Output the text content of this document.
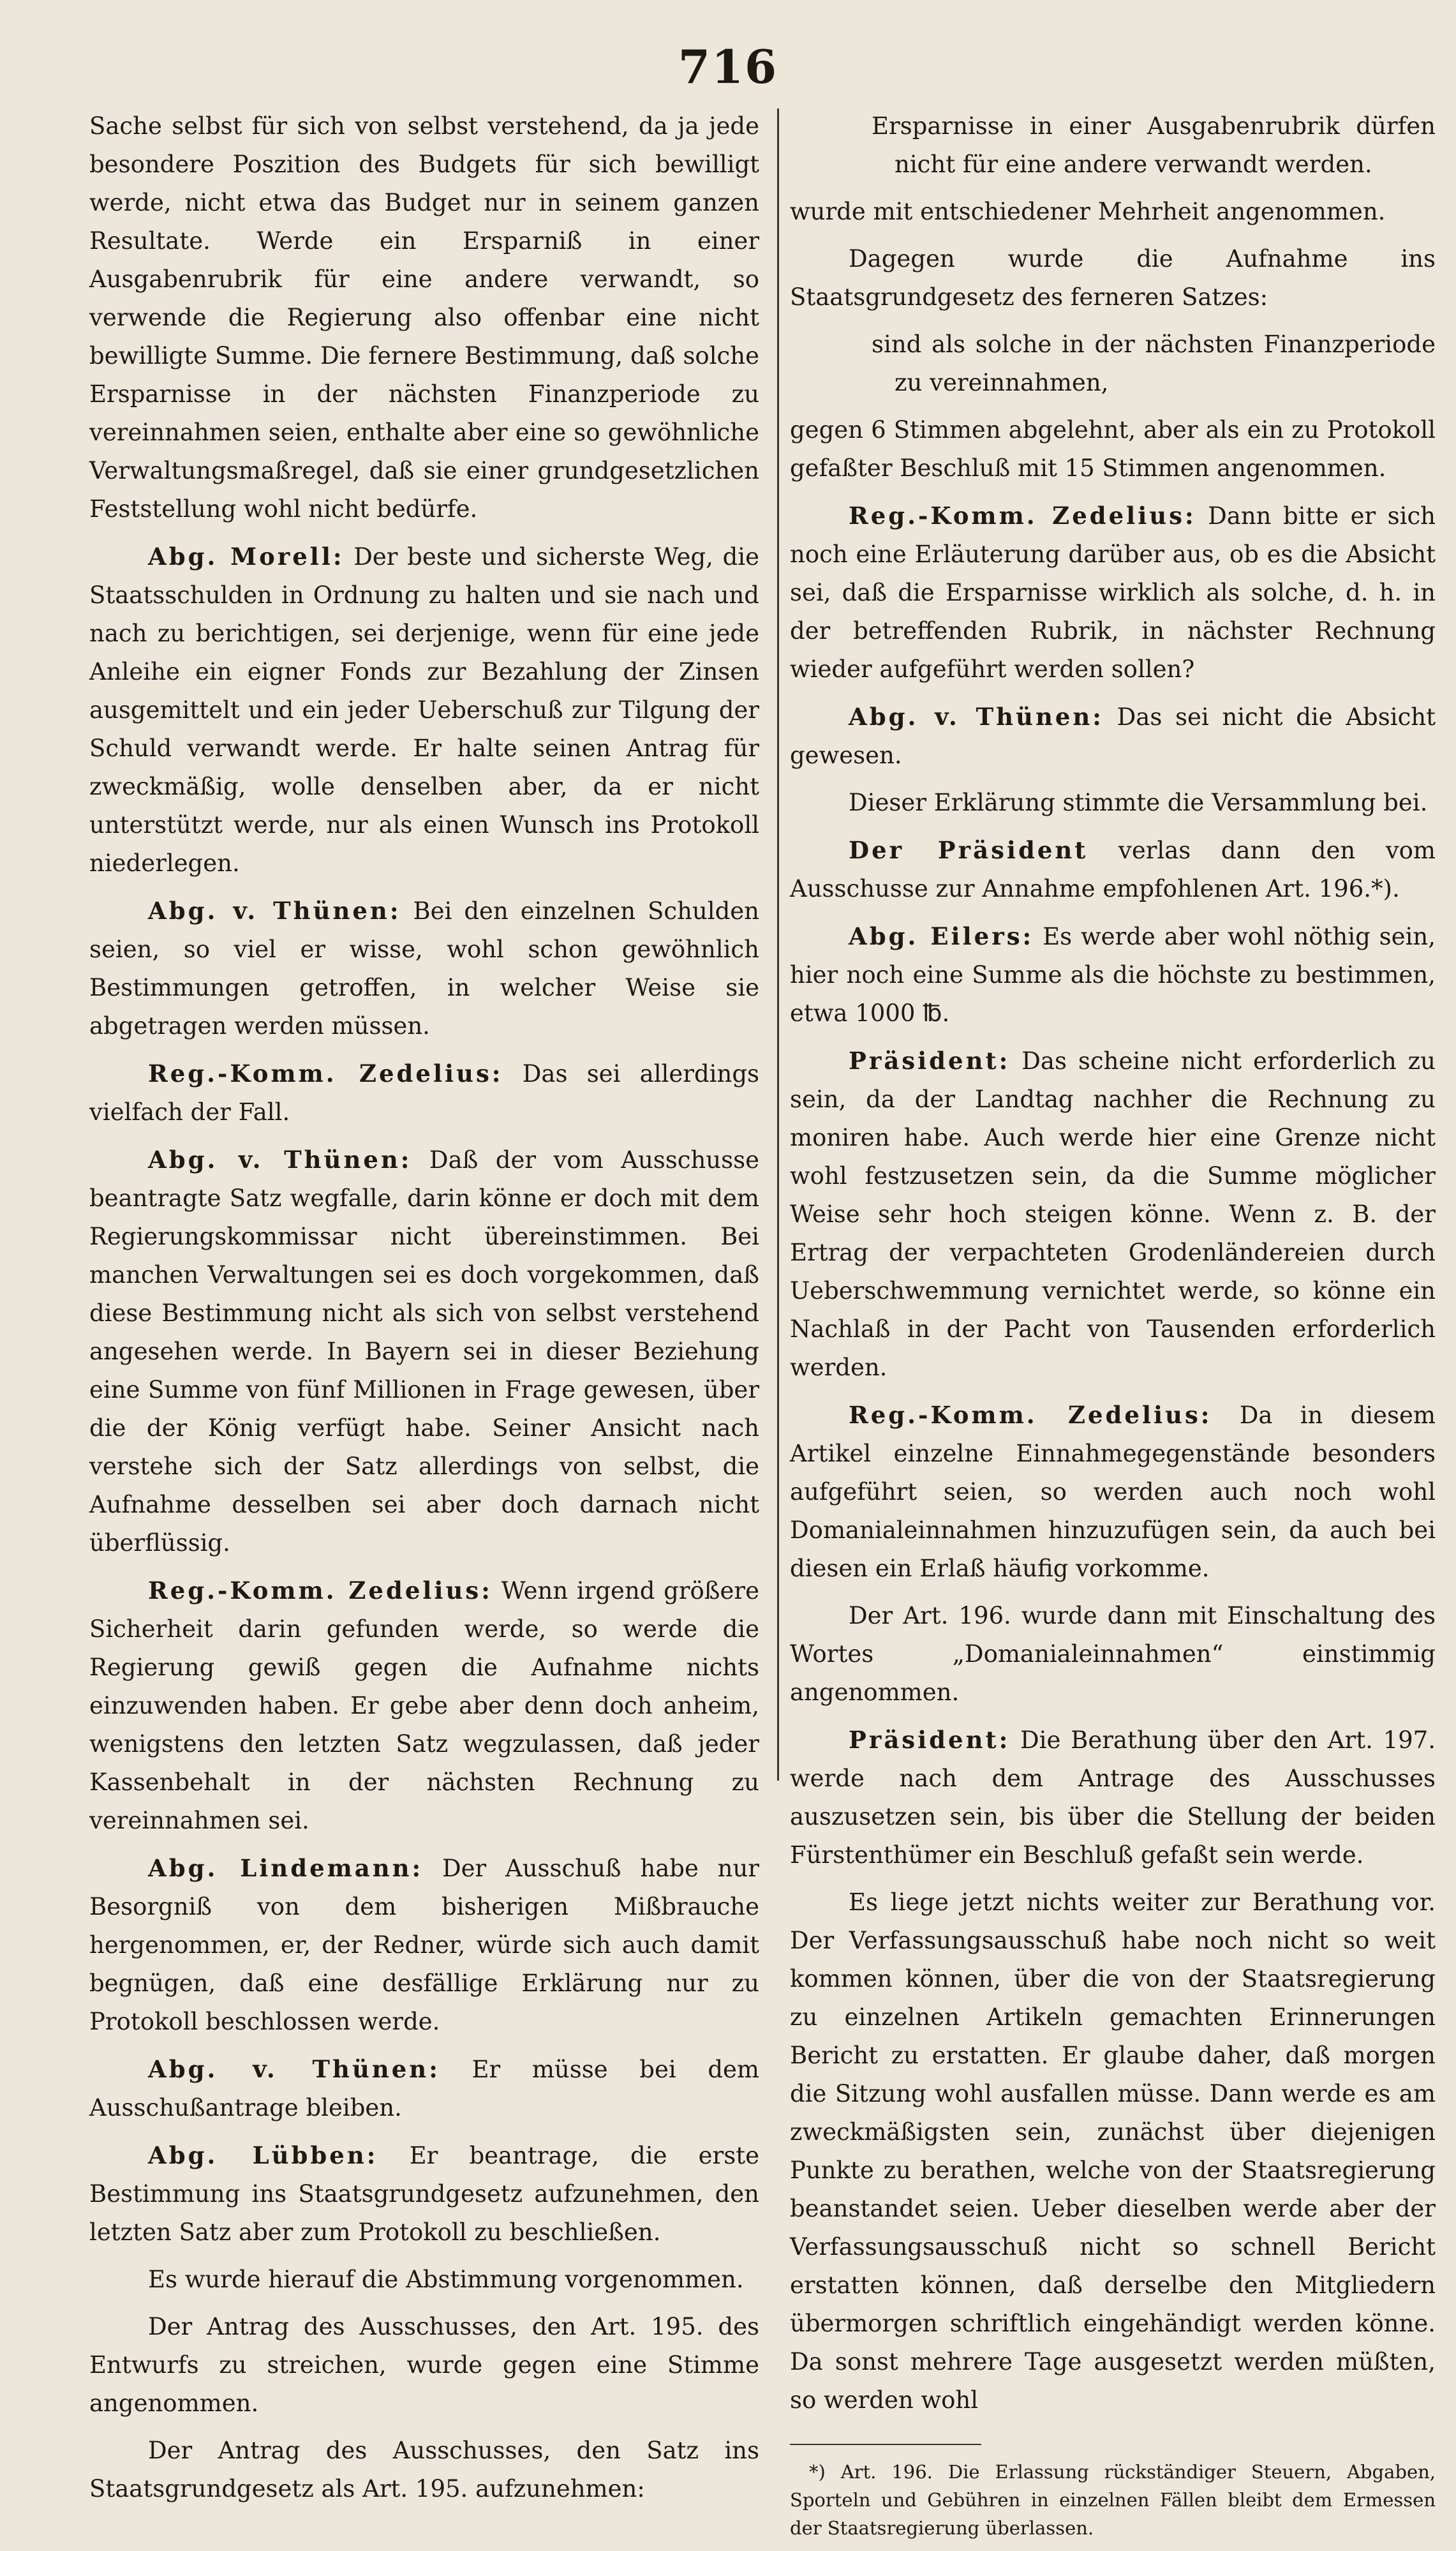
716

Sache selbst für sich von selbst verstehend, da ja jede besondere Poszition des Budgets für sich bewilligt werde, nicht etwa das Budget nur in seinem ganzen Resultate. Werde ein Ersparniß in einer Ausgabenrubrik für eine andere verwandt, so verwende die Regierung also offenbar eine nicht bewilligte Summe. Die fernere Bestimmung, daß solche Ersparnisse in der nächsten Finanzperiode zu vereinnahmen seien, enthalte aber eine so gewöhnliche Verwaltungsmaßregel, daß sie einer grundgesetzlichen Feststellung wohl nicht bedürfe.

Abg. Morell: Der beste und sicherste Weg, die Staatsschulden in Ordnung zu halten und sie nach und nach zu berichtigen, sei derjenige, wenn für eine jede Anleihe ein eigner Fonds zur Bezahlung der Zinsen ausgemittelt und ein jeder Ueberschuß zur Tilgung der Schuld verwandt werde. Er halte seinen Antrag für zweckmäßig, wolle denselben aber, da er nicht unterstützt werde, nur als einen Wunsch ins Protokoll niederlegen.

Abg. v. Thünen: Bei den einzelnen Schulden seien, so viel er wisse, wohl schon gewöhnlich Bestimmungen getroffen, in welcher Weise sie abgetragen werden müssen.

Reg.-Komm. Zedelius: Das sei allerdings vielfach der Fall.

Abg. v. Thünen: Daß der vom Ausschusse beantragte Satz wegfalle, darin könne er doch mit dem Regierungskommissar nicht übereinstimmen. Bei manchen Verwaltungen sei es doch vorgekommen, daß diese Bestimmung nicht als sich von selbst verstehend angesehen werde. In Bayern sei in dieser Beziehung eine Summe von fünf Millionen in Frage gewesen, über die der König verfügt habe. Seiner Ansicht nach verstehe sich der Satz allerdings von selbst, die Aufnahme desselben sei aber doch darnach nicht überflüssig.

Reg.-Komm. Zedelius: Wenn irgend größere Sicherheit darin gefunden werde, so werde die Regierung gewiß gegen die Aufnahme nichts einzuwenden haben. Er gebe aber denn doch anheim, wenigstens den letzten Satz wegzulassen, daß jeder Kassenbehalt in der nächsten Rechnung zu vereinnahmen sei.

Abg. Lindemann: Der Ausschuß habe nur Besorgniß von dem bisherigen Mißbrauche hergenommen, er, der Redner, würde sich auch damit begnügen, daß eine desfällige Erklärung nur zu Protokoll beschlossen werde.

Abg. v. Thünen: Er müsse bei dem Ausschußantrage bleiben.

Abg. Lübben: Er beantrage, die erste Bestimmung ins Staatsgrundgesetz aufzunehmen, den letzten Satz aber zum Protokoll zu beschließen.

Es wurde hierauf die Abstimmung vorgenommen.

Der Antrag des Ausschusses, den Art. 195. des Entwurfs zu streichen, wurde gegen eine Stimme angenommen.

Der Antrag des Ausschusses, den Satz ins Staatsgrundgesetz als Art. 195. aufzunehmen:

Ersparnisse in einer Ausgabenrubrik dürfen nicht für eine andere verwandt werden.

wurde mit entschiedener Mehrheit angenommen.

Dagegen wurde die Aufnahme ins Staatsgrundgesetz des ferneren Satzes:

sind als solche in der nächsten Finanzperiode zu vereinnahmen,

gegen 6 Stimmen abgelehnt, aber als ein zu Protokoll gefaßter Beschluß mit 15 Stimmen angenommen.

Reg.-Komm. Zedelius: Dann bitte er sich noch eine Erläuterung darüber aus, ob es die Absicht sei, daß die Ersparnisse wirklich als solche, d. h. in der betreffenden Rubrik, in nächster Rechnung wieder aufgeführt werden sollen?

Abg. v. Thünen: Das sei nicht die Absicht gewesen.

Dieser Erklärung stimmte die Versammlung bei.

Der Präsident verlas dann den vom Ausschusse zur Annahme empfohlenen Art. 196.*).

Abg. Eilers: Es werde aber wohl nöthig sein, hier noch eine Summe als die höchste zu bestimmen, etwa 1000 ℔.

Präsident: Das scheine nicht erforderlich zu sein, da der Landtag nachher die Rechnung zu moniren habe. Auch werde hier eine Grenze nicht wohl festzusetzen sein, da die Summe möglicher Weise sehr hoch steigen könne. Wenn z. B. der Ertrag der verpachteten Grodenländereien durch Ueberschwemmung vernichtet werde, so könne ein Nachlaß in der Pacht von Tausenden erforderlich werden.

Reg.-Komm. Zedelius: Da in diesem Artikel einzelne Einnahmegegenstände besonders aufgeführt seien, so werden auch noch wohl Domanialeinnahmen hinzuzufügen sein, da auch bei diesen ein Erlaß häufig vorkomme.

Der Art. 196. wurde dann mit Einschaltung des Wortes „Domanialeinnahmen“ einstimmig angenommen.

Präsident: Die Berathung über den Art. 197. werde nach dem Antrage des Ausschusses auszusetzen sein, bis über die Stellung der beiden Fürstenthümer ein Beschluß gefaßt sein werde.

Es liege jetzt nichts weiter zur Berathung vor. Der Verfassungsausschuß habe noch nicht so weit kommen können, über die von der Staatsregierung zu einzelnen Artikeln gemachten Erinnerungen Bericht zu erstatten. Er glaube daher, daß morgen die Sitzung wohl ausfallen müsse. Dann werde es am zweckmäßigsten sein, zunächst über diejenigen Punkte zu berathen, welche von der Staatsregierung beanstandet seien. Ueber dieselben werde aber der Verfassungsausschuß nicht so schnell Bericht erstatten können, daß derselbe den Mitgliedern übermorgen schriftlich eingehändigt werden könne. Da sonst mehrere Tage ausgesetzt werden müßten, so werden wohl

*) Art. 196. Die Erlassung rückständiger Steuern, Abgaben, Sporteln und Gebühren in einzelnen Fällen bleibt dem Ermessen der Staatsregierung überlassen.
